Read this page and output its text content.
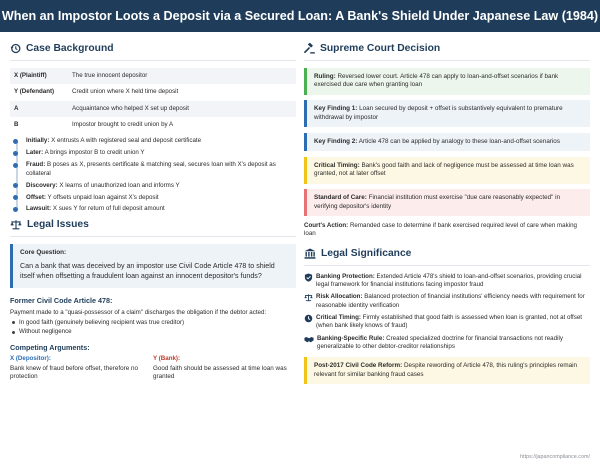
When an Impostor Loots a Deposit via a Secured Loan: A Bank's Shield Under Japanese Law (1984)
Case Background
X (Plaintiff)	The true innocent depositor
Y (Defendant)	Credit union where X held time deposit
A	Acquaintance who helped X set up deposit
B	Impostor brought to credit union by A
Initially: X entrusts A with registered seal and deposit certificate
Later: A brings impostor B to credit union Y
Fraud: B poses as X, presents certificate & matching seal, secures loan with X's deposit as collateral
Discovery: X learns of unauthorized loan and informs Y
Offset: Y offsets unpaid loan against X's deposit
Lawsuit: X sues Y for return of full deposit amount
Legal Issues
Core Question:
Can a bank that was deceived by an impostor use Civil Code Article 478 to shield itself when offsetting a fraudulent loan against an innocent depositor's funds?
Former Civil Code Article 478:
Payment made to a "quasi-possessor of a claim" discharges the obligation if the debtor acted:
In good faith (genuinely believing recipient was true creditor)
Without negligence
Competing Arguments:
X (Depositor):
Bank knew of fraud before offset, therefore no protection
Y (Bank):
Good faith should be assessed at time loan was granted
Supreme Court Decision
Ruling: Reversed lower court. Article 478 can apply to loan-and-offset scenarios if bank exercised due care when granting loan
Key Finding 1: Loan secured by deposit + offset is substantively equivalent to premature withdrawal by impostor
Key Finding 2: Article 478 can be applied by analogy to these loan-and-offset scenarios
Critical Timing: Bank's good faith and lack of negligence must be assessed at time loan was granted, not at later offset
Standard of Care: Financial institution must exercise "due care reasonably expected" in verifying depositor's identity
Court's Action: Remanded case to determine if bank exercised required level of care when making loan
Legal Significance
Banking Protection: Extended Article 478's shield to loan-and-offset scenarios, providing crucial legal framework for financial institutions facing impostor fraud
Risk Allocation: Balanced protection of financial institutions' efficiency needs with requirement for reasonable identity verification
Critical Timing: Firmly established that good faith is assessed when loan is granted, not at offset (when bank likely knows of fraud)
Banking-Specific Rule: Created specialized doctrine for financial transactions not readily generalizable to other debtor-creditor relationships
Post-2017 Civil Code Reform: Despite rewording of Article 478, this ruling's principles remain relevant for similar banking fraud cases
https://japancompliance.com/
